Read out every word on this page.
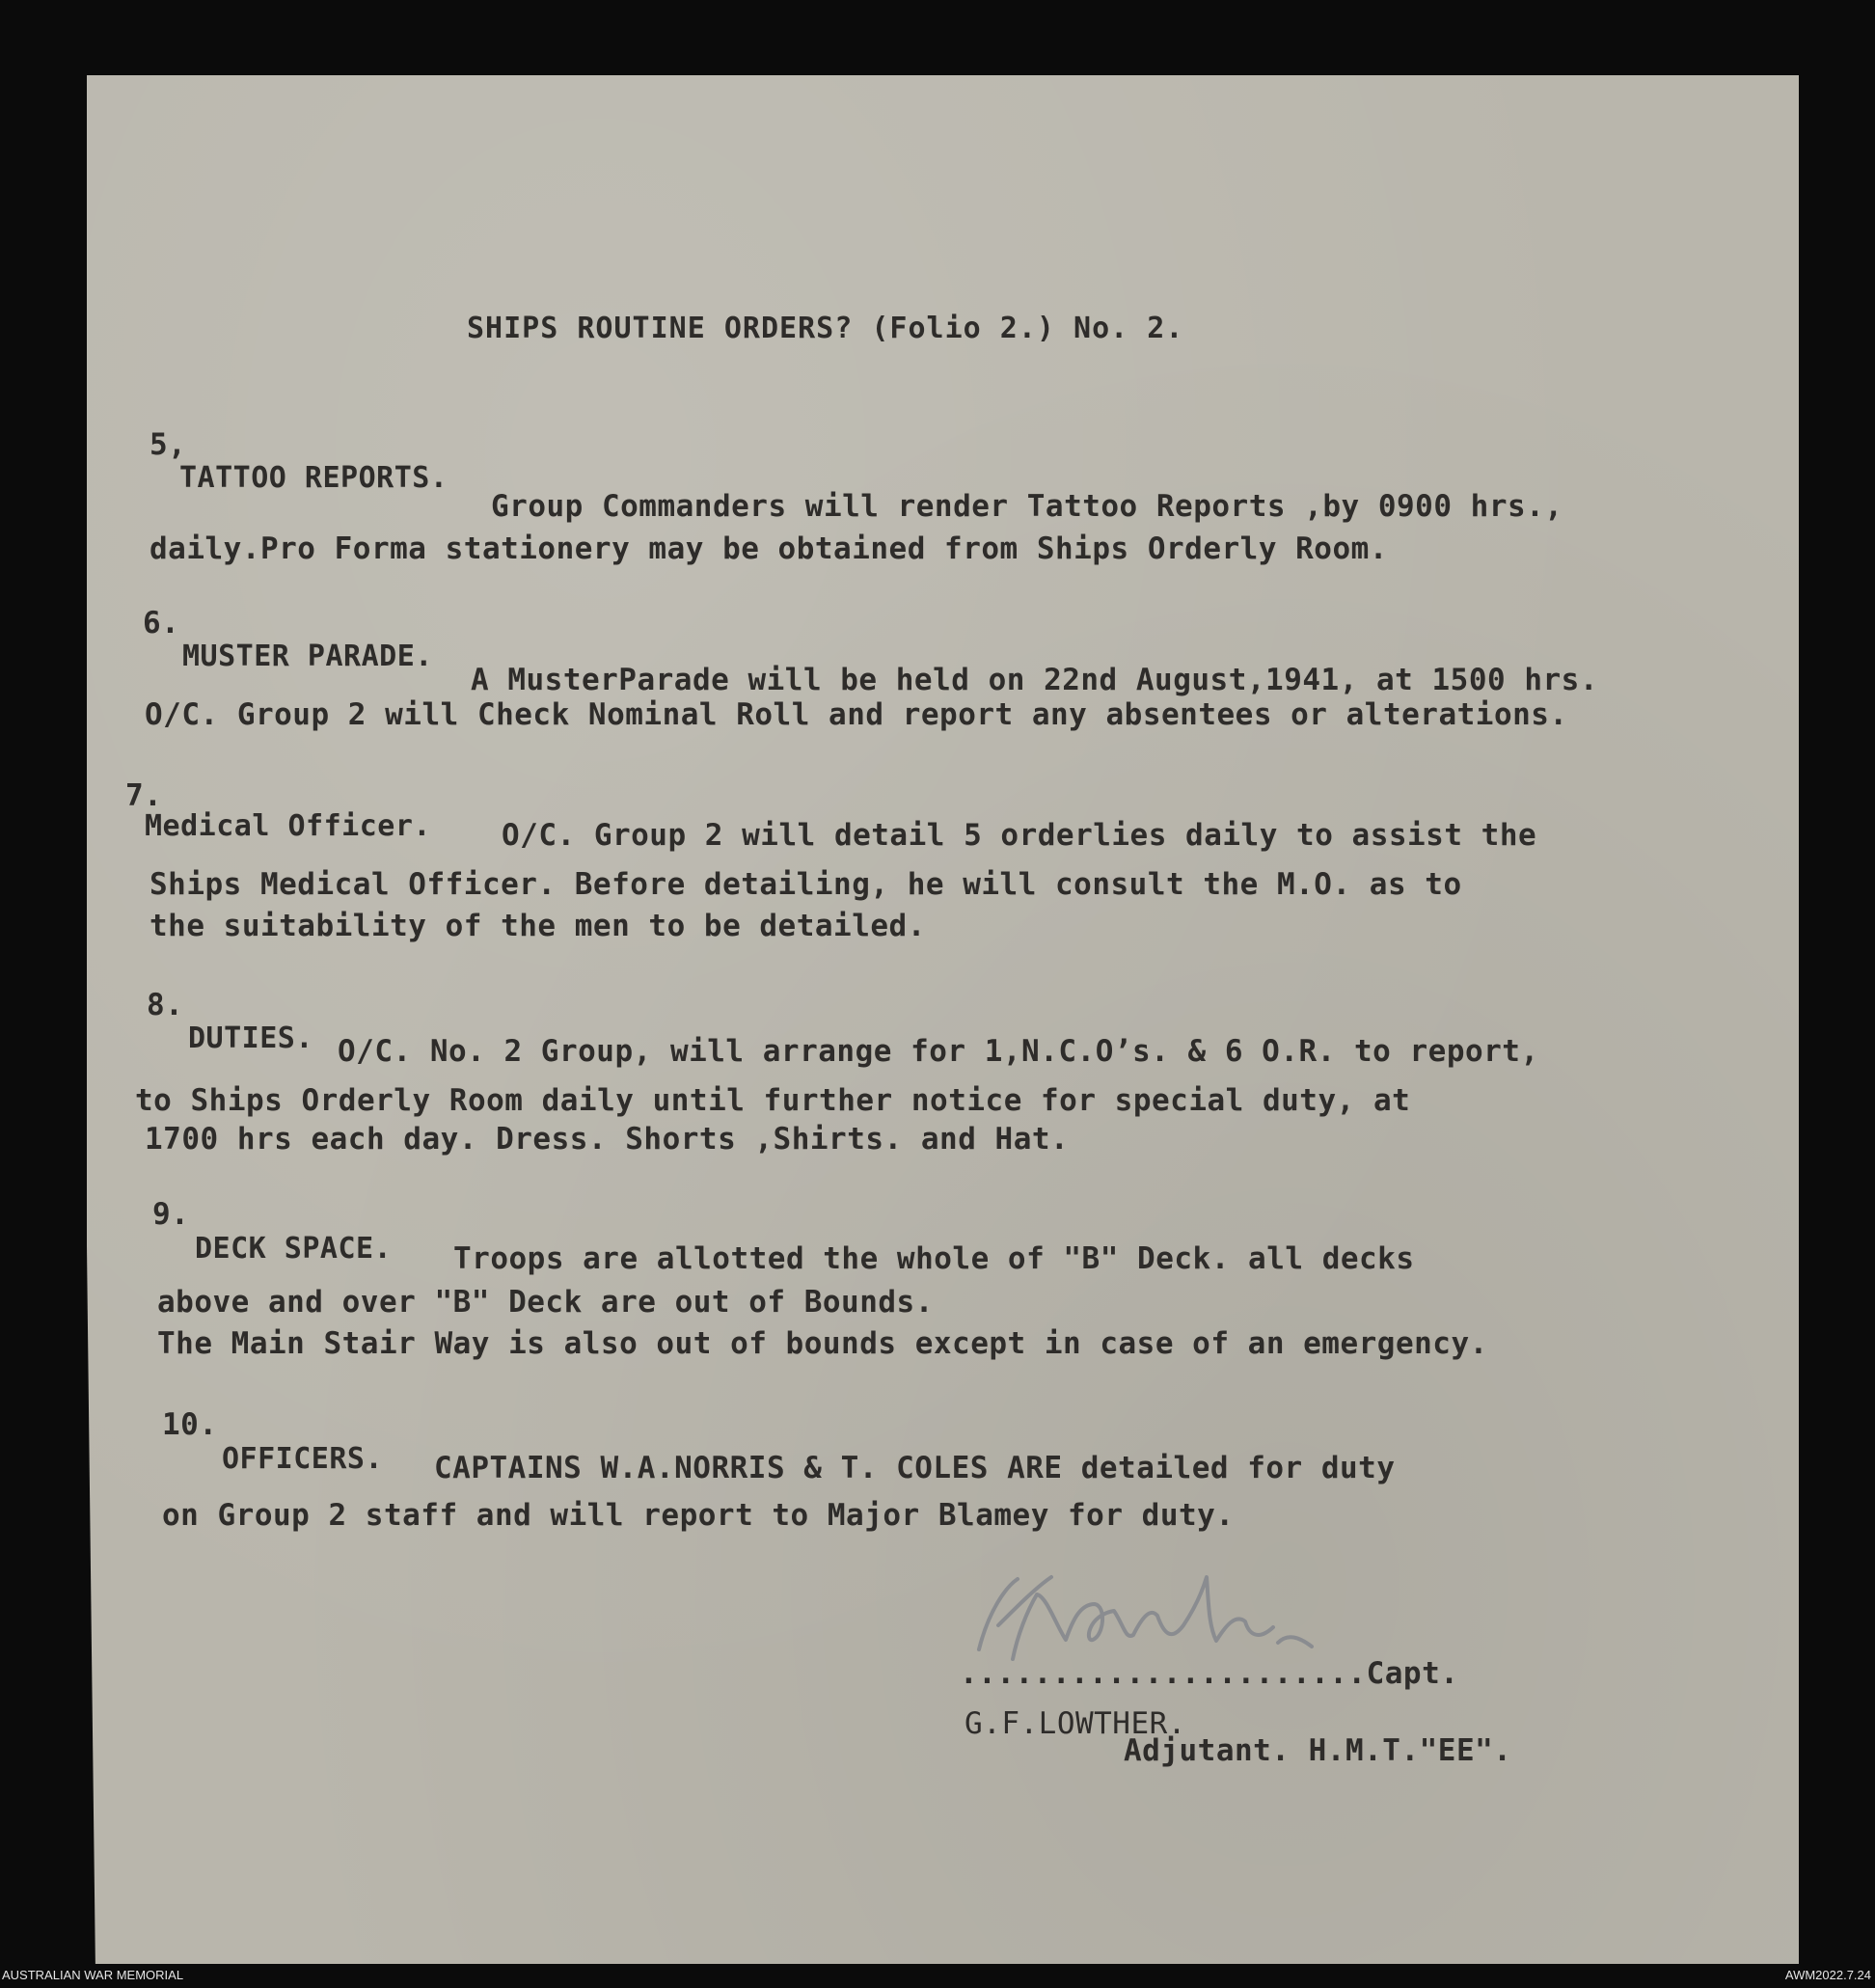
SHIPS ROUTINE ORDERS? (Folio 2.) No. 2.
5,
TATTOO REPORTS.
Group Commanders will render Tattoo Reports ,by 0900 hrs.,
daily.Pro Forma stationery may be obtained from Ships Orderly Room.
6.
MUSTER PARADE.
A MusterParade will be held on 22nd August,1941, at 1500 hrs.
O/C. Group 2 will Check Nominal Roll and report any absentees or alterations.
7.
Medical Officer. O/C. Group 2 will detail 5 orderlies daily to assist the
Ships Medical Officer. Before detailing, he will consult the M.O. as to
the suitability of the men to be detailed.
8.
DUTIES. O/C. No. 2 Group, will arrange for 1,N.C.O’s. & 6 O.R. to report,
to Ships Orderly Room daily until further notice for special duty, at
1700 hrs each day. Dress. Shorts ,Shirts. and Hat.
9.
DECK SPACE. Troops are allotted the whole of "B" Deck. all decks
above and over "B" Deck are out of Bounds.
The Main Stair Way is also out of bounds except in case of an emergency.
10.
OFFICERS. CAPTAINS W.A.NORRIS & T. COLES ARE detailed for duty
on Group 2 staff and will report to Major Blamey for duty.
......................Capt.
G.F.LOWTHER.
Adjutant. H.M.T."EE".
AUSTRALIAN WAR MEMORIAL	AWM2022.7.24
